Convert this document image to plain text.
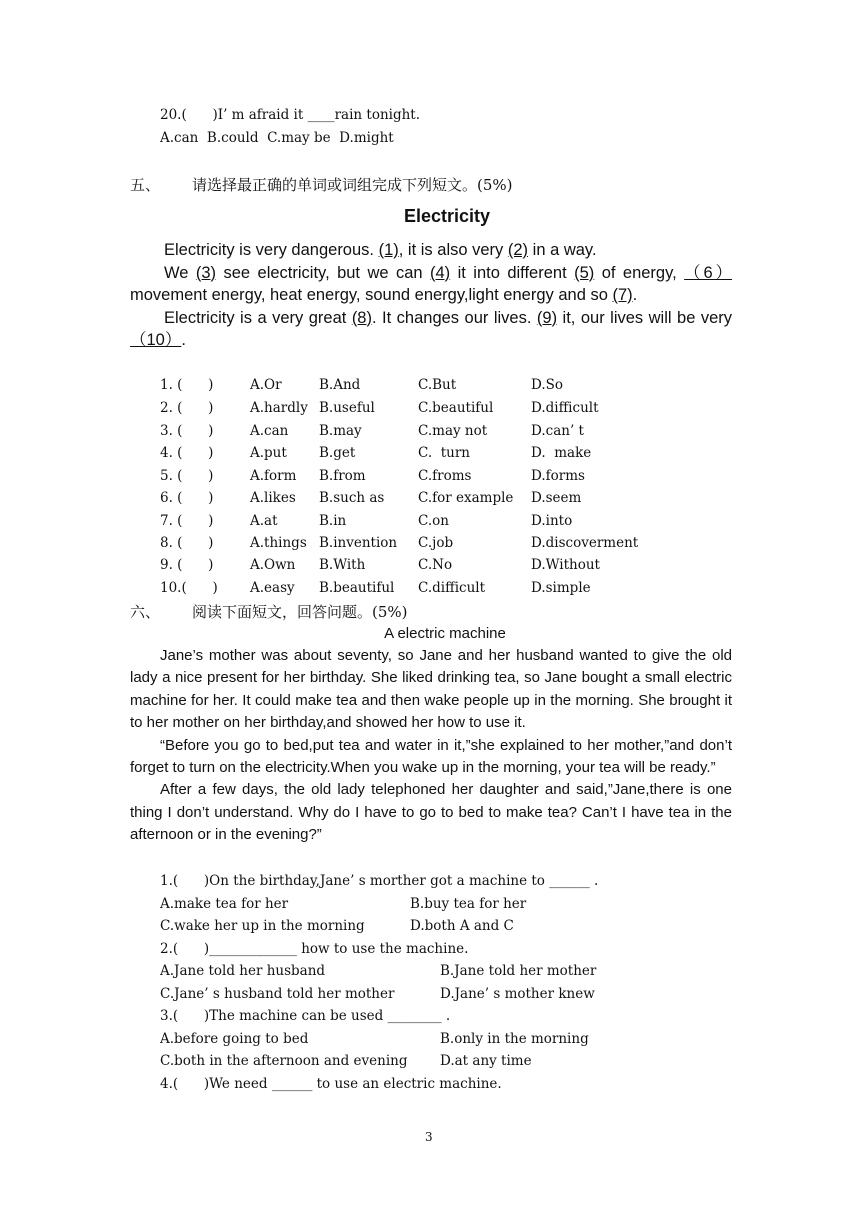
20.(      )I’ m afraid it ____rain tonight.
A.can  B.could  C.may be  D.might
五、 请选择最正确的单词或词组完成下列短文。(5%)
Electricity

Electricity is very dangerous. (1), it is also very (2) in a way.

We (3) see electricity, but we can (4) it into different (5) of energy, （6） movement energy, heat energy, sound energy,light energy and so (7).

Electricity is a very great (8). It changes our lives. (9) it, our lives will be very （10）.

1. (      )	A.Or	B.And	C.But	D.So
2. (      )	A.hardly B.useful	C.beautiful	D.difficult
3. (      )	A.can B.may	C.may not	D.can’ t
4. (      )	A.put B.get	C.  turn	D.  make
5. (      )	A.form B.from	C.froms	D.forms
6. (      )	A.likes B.such as C.for example D.seem
7. (      )	A.at	B.in	C.on	D.into
8. (      )	A.things B.invention C.job	D.discoverment
9. (      )	A.Own B.With	C.No	D.Without
10.(      ) A.easy B.beautiful C.difficult	D.simple
六、 阅读下面短文，回答问题。(5%)
A electric machine

Jane’s mother was about seventy, so Jane and her husband wanted to give the old lady a nice present for her birthday. She liked drinking tea, so Jane bought a small electric machine for her. It could make tea and then wake people up in the morning. She brought it to her mother on her birthday,and showed her how to use it.

“Before you go to bed,put tea and water in it,”she explained to her mother,”and don’t forget to turn on the electricity.When you wake up in the morning, your tea will be ready.”

After a few days, the old lady telephoned her daughter and said,”Jane,there is one thing I don’t understand. Why do I have to go to bed to make tea? Can’t I have tea in the afternoon or in the evening?”

1.(      )On the birthday,Jane’ s morther got a machine to ______ .
A.make tea for her	B.buy tea for her
C.wake her up in the morning	D.both A and C
2.(      )_____________ how to use the machine.
A.Jane told her husband	B.Jane told her mother
C.Jane’ s husband told her mother	D.Jane’ s mother knew
3.(      )The machine can be used ________ .
A.before going to bed	B.only in the morning
C.both in the afternoon and evening D.at any time
4.(      )We need ______ to use an electric machine.
3
